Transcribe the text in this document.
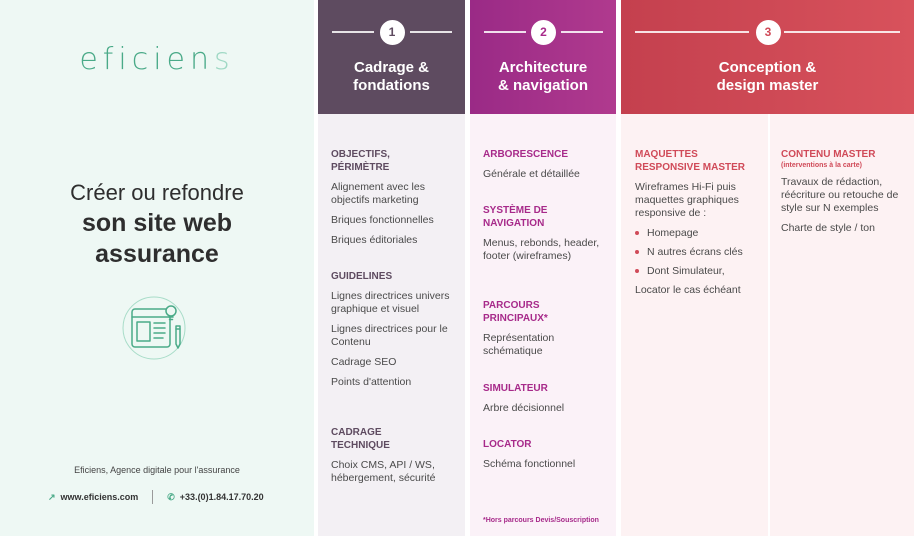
eficiens
Créer ou refondre
son site web
assurance
Eficiens, Agence digitale pour l'assurance
↗ www.eficiens.com	✆ +33.(0)1.84.17.70.20
1
Cadrage &
fondations
OBJECTIFS,
PÉRIMÈTRE
Alignement avec les objectifs marketing
Briques fonctionnelles
Briques éditoriales
GUIDELINES
Lignes directrices univers graphique et visuel
Lignes directrices pour le Contenu
Cadrage SEO
Points d'attention
CADRAGE
TECHNIQUE
Choix CMS, API / WS, hébergement, sécurité
2
Architecture
& navigation
ARBORESCENCE
Générale et détaillée
SYSTÈME DE
NAVIGATION
Menus, rebonds, header, footer (wireframes)
PARCOURS
PRINCIPAUX*
Représentation schématique
SIMULATEUR
Arbre décisionnel
LOCATOR
Schéma fonctionnel
*Hors parcours Devis/Souscription
3
Conception &
design master
MAQUETTES
RESPONSIVE MASTER
Wireframes Hi-Fi puis maquettes graphiques responsive de :
Homepage
N autres écrans clés
Dont Simulateur,
Locator le cas échéant
CONTENU MASTER
(interventions à la carte)
Travaux de rédaction, réécriture ou retouche de style sur N exemples
Charte de style / ton
